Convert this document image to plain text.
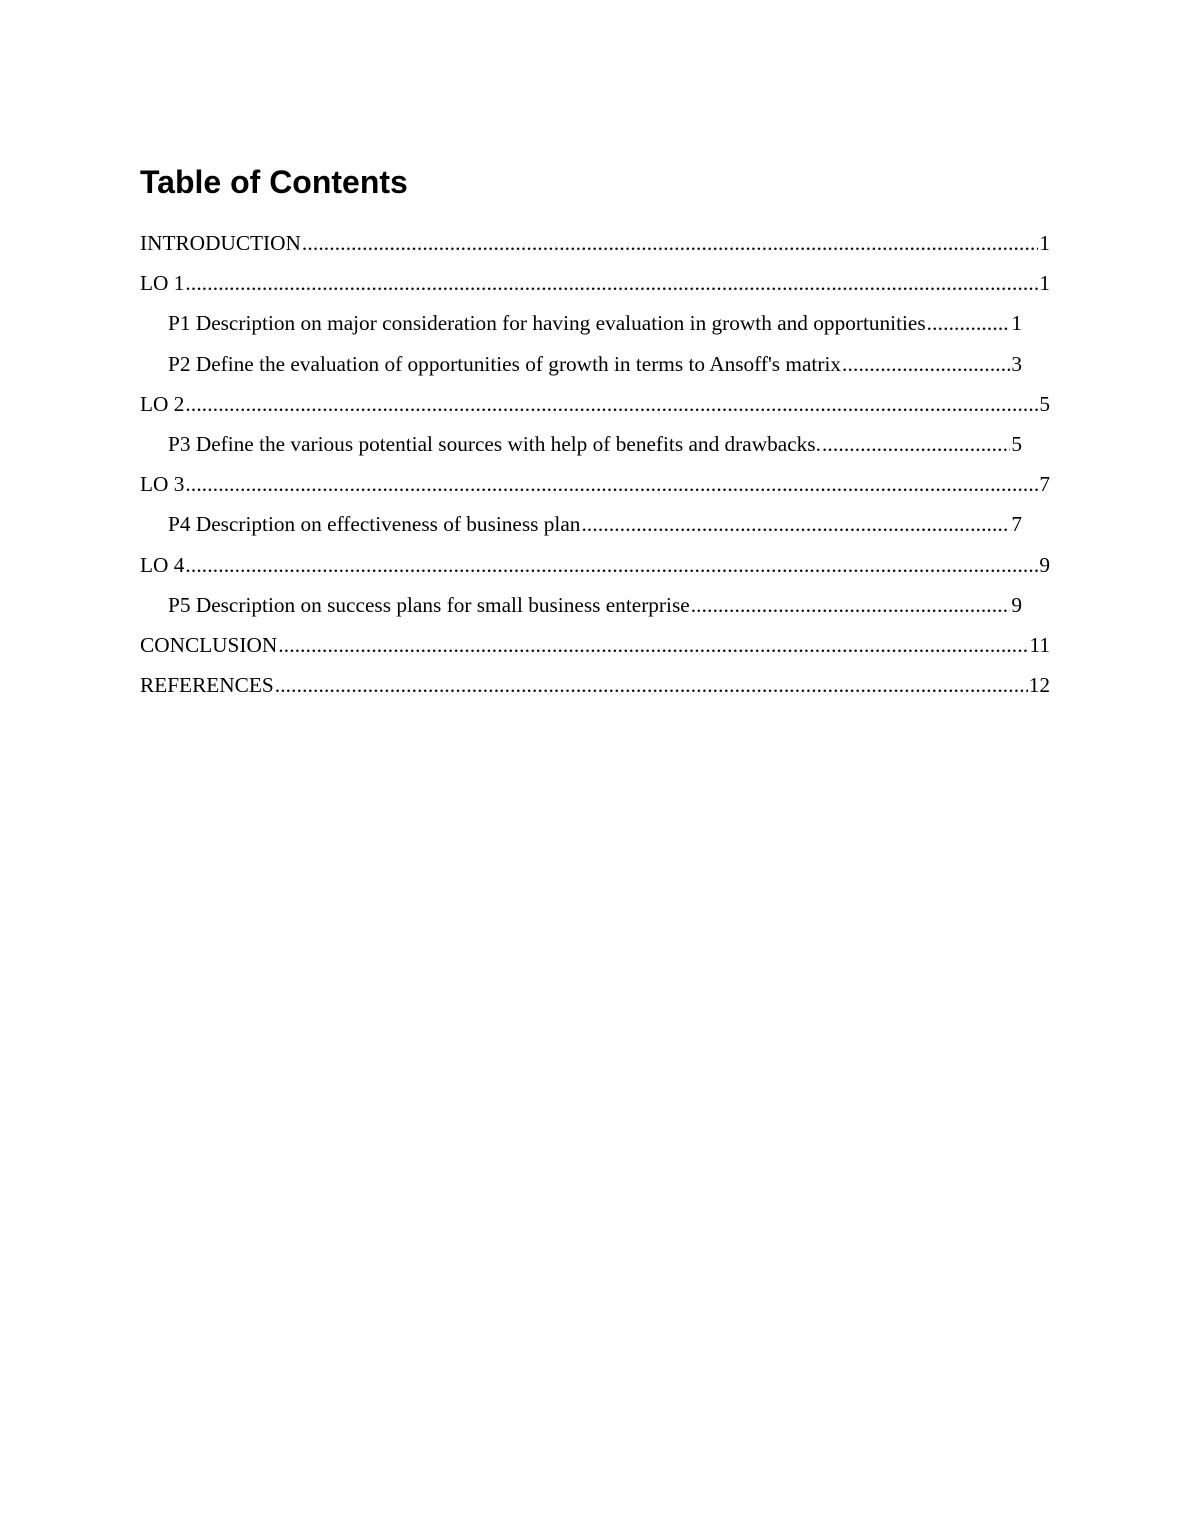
Table of Contents
INTRODUCTION .....	1
LO 1 .....	1
P1 Description on major consideration for having evaluation in growth and opportunities .....	1
P2 Define the evaluation of opportunities of growth in terms to Ansoff's matrix .....	3
LO 2 .....	5
P3 Define the various potential sources with help of benefits and drawbacks. .....	5
LO 3 .....	7
P4 Description on effectiveness of business plan .....	7
LO 4 .....	9
P5 Description on success plans for small business enterprise .....	9
CONCLUSION .....	11
REFERENCES .....	12
